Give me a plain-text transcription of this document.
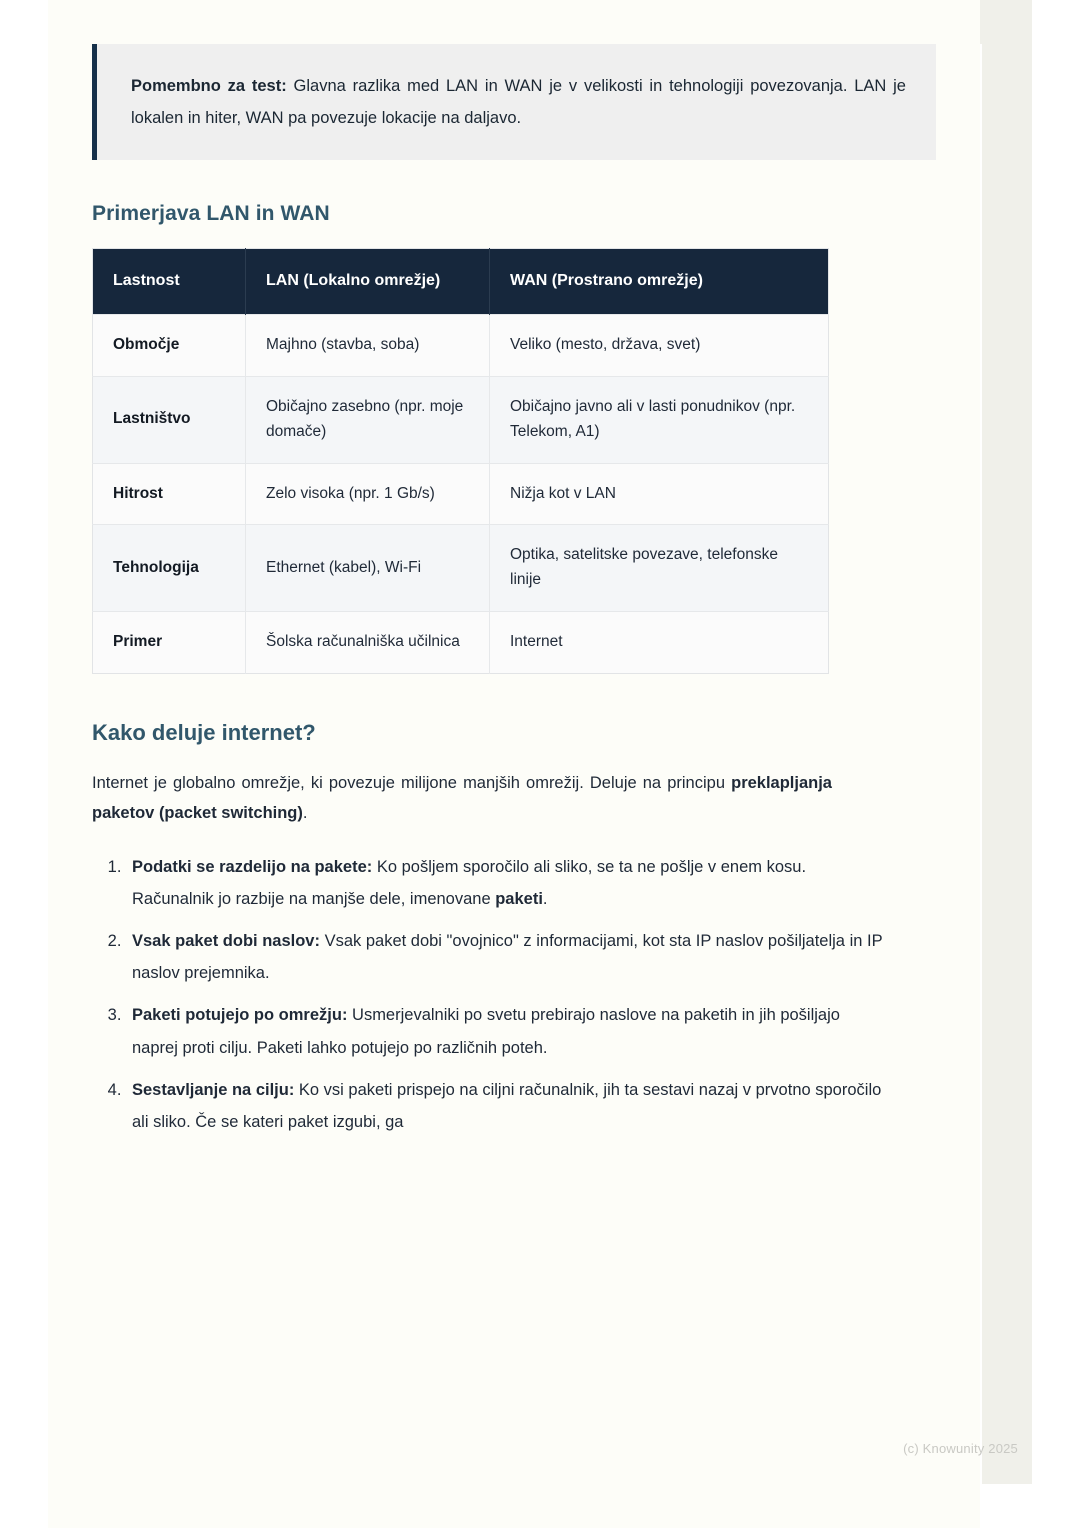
Pomembno za test: Glavna razlika med LAN in WAN je v velikosti in tehnologiji povezovanja. LAN je lokalen in hiter, WAN pa povezuje lokacije na daljavo.

Primerjava LAN in WAN
Lastnost	LAN (Lokalno omrežje)	WAN (Prostrano omrežje)
Območje	Majhno (stavba, soba)	Veliko (mesto, država, svet)
Lastništvo	Običajno zasebno (npr. moje domače)	Običajno javno ali v lasti ponudnikov (npr. Telekom, A1)
Hitrost	Zelo visoka (npr. 1 Gb/s)	Nižja kot v LAN
Tehnologija	Ethernet (kabel), Wi-Fi	Optika, satelitske povezave, telefonske linije
Primer	Šolska računalniška učilnica	Internet
Kako deluje internet?

Internet je globalno omrežje, ki povezuje milijone manjših omrežij. Deluje na principu preklapljanja paketov (packet switching).

1. Podatki se razdelijo na pakete: Ko pošljem sporočilo ali sliko, se ta ne pošlje v enem kosu. Računalnik jo razbije na manjše dele, imenovane paketi.
2. Vsak paket dobi naslov: Vsak paket dobi "ovojnico" z informacijami, kot sta IP naslov pošiljatelja in IP naslov prejemnika.
3. Paketi potujejo po omrežju: Usmerjevalniki po svetu prebirajo naslove na paketih in jih pošiljajo naprej proti cilju. Paketi lahko potujejo po različnih poteh.
4. Sestavljanje na cilju: Ko vsi paketi prispejo na ciljni računalnik, jih ta sestavi nazaj v prvotno sporočilo ali sliko. Če se kateri paket izgubi, ga
(c) Knowunity 2025
